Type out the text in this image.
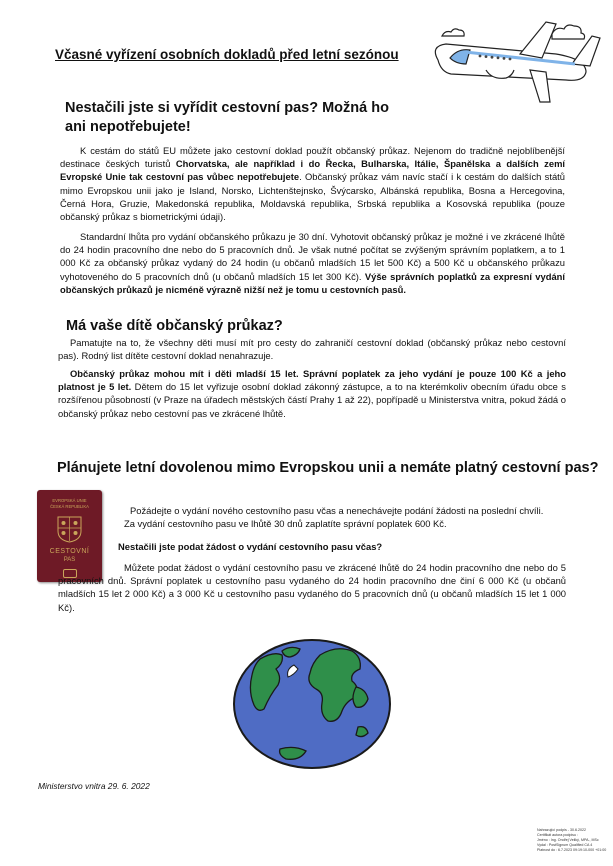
Včasné vyřízení osobních dokladů před letní sezónou
Nestačili jste si vyřídit cestovní pas? Možná ho ani nepotřebujete!
K cestám do států EU můžete jako cestovní doklad použít občanský průkaz. Nejenom do tradičně nejoblíbenější destinace českých turistů Chorvatska, ale například i do Řecka, Bulharska, Itálie, Španělska a dalších zemí Evropské Unie tak cestovní pas vůbec nepotřebujete. Občanský průkaz vám navíc stačí i k cestám do dalších států mimo Evropskou unii jako je Island, Norsko, Lichtenštejnsko, Švýcarsko, Albánská republika, Bosna a Hercegovina, Černá Hora, Gruzie, Makedonská republika, Moldavská republika, Srbská republika a Kosovská republika (pouze občanský průkaz s biometrickými údaji).
Standardní lhůta pro vydání občanského průkazu je 30 dní. Vyhotovit občanský průkaz je možné i ve zkrácené lhůtě do 24 hodin pracovního dne nebo do 5 pracovních dnů. Je však nutné počítat se zvýšeným správním poplatkem, a to 1 000 Kč za občanský průkaz vydaný do 24 hodin (u občanů mladších 15 let 500 Kč) a 500 Kč u občanského průkazu vyhotoveného do 5 pracovních dnů (u občanů mladších 15 let 300 Kč). Výše správních poplatků za expresní vydání občanských průkazů je nicméně výrazně nižší než je tomu u cestovních pasů.
Má vaše dítě občanský průkaz?
Pamatujte na to, že všechny děti musí mít pro cesty do zahraničí cestovní doklad (občanský průkaz nebo cestovní pas). Rodný list dítěte cestovní doklad nenahrazuje.
Občanský průkaz mohou mít i děti mladší 15 let. Správní poplatek za jeho vydání je pouze 100 Kč a jeho platnost je 5 let. Dětem do 15 let vyřizuje osobní doklad zákonný zástupce, a to na kterémkoliv obecním úřadu obce s rozšířenou působností (v Praze na úřadech městských částí Prahy 1 až 22), popřípadě u Ministerstva vnitra, pokud žádá o občanský průkaz nebo cestovní pas ve zkrácené lhůtě.
Plánujete letní dovolenou mimo Evropskou unii a nemáte platný cestovní pas?
EVROPSKÁ UNIE
ČESKÁ REPUBLIKA
CESTOVNÍ
PAS
Požádejte o vydání nového cestovního pasu včas a nenechávejte podání žádosti na poslední chvíli.
Za vydání cestovního pasu ve lhůtě 30 dnů zaplatíte správní poplatek 600 Kč.
Nestačili jste podat žádost o vydání cestovního pasu včas?
Můžete podat žádost o vydání cestovního pasu ve zkrácené lhůtě do 24 hodin pracovního dne nebo do 5 pracovních dnů. Správní poplatek u cestovního pasu vydaného do 24 hodin pracovního dne činí 6 000 Kč (u občanů mladších 15 let 2 000 Kč) a 3 000 Kč u cestovního pasu vydaného do 5 pracovních dnů (u občanů mladších 15 let 1 000 Kč).
Ministerstvo vnitra 29. 6. 2022
Nahrazující podpis - 30.6.2022
Certifikát autora podpisu :
Jméno : Ing. Ondřej Veliký, MPA., MSc
Vydal : PostSignum Qualified CA 4
Platnost do : 6.7.2023 09:19:10-000 +01:00
